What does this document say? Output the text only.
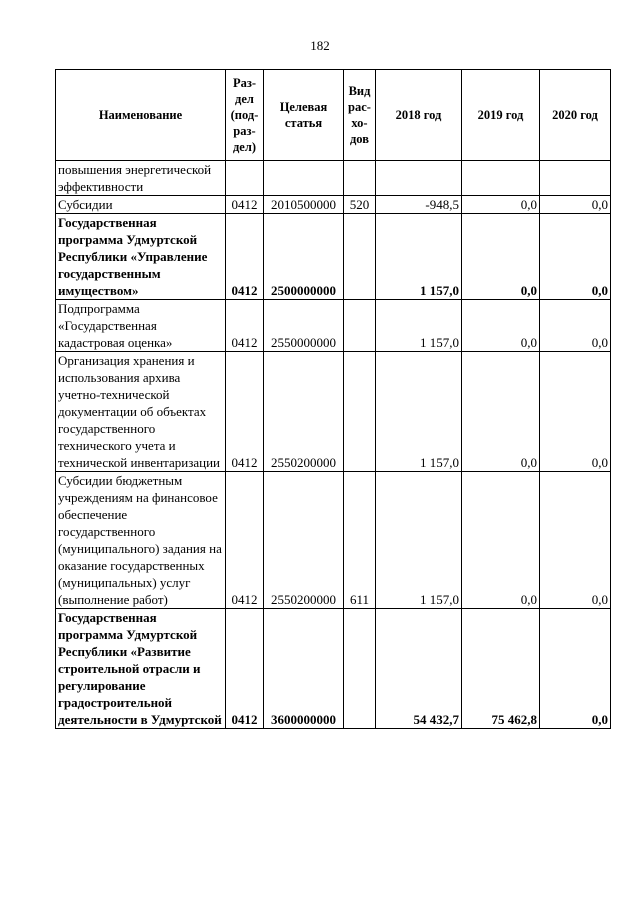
182
Наименование	Раз-
дел
(под-
раз-
дел)	Целевая
статья	Вид
рас-
хо-
дов	2018 год	2019 год	2020 год
повышения энергетической эффективности						
Субсидии	0412	2010500000	520	-948,5	0,0	0,0
Государственная программа Удмуртской Республики «Управление государственным имуществом»	0412	2500000000		1 157,0	0,0	0,0
Подпрограмма «Государственная кадастровая оценка»	0412	2550000000		1 157,0	0,0	0,0
Организация хранения и использования архива учетно-технической документации об объектах государственного технического учета и технической инвентаризации	0412	2550200000		1 157,0	0,0	0,0
Субсидии бюджетным учреждениям на финансовое обеспечение государственного (муниципального) задания на оказание государственных (муниципальных) услуг (выполнение работ)	0412	2550200000	611	1 157,0	0,0	0,0
Государственная программа Удмуртской Республики «Развитие строительной отрасли и регулирование градостроительной деятельности в Удмуртской	0412	3600000000		54 432,7	75 462,8	0,0
